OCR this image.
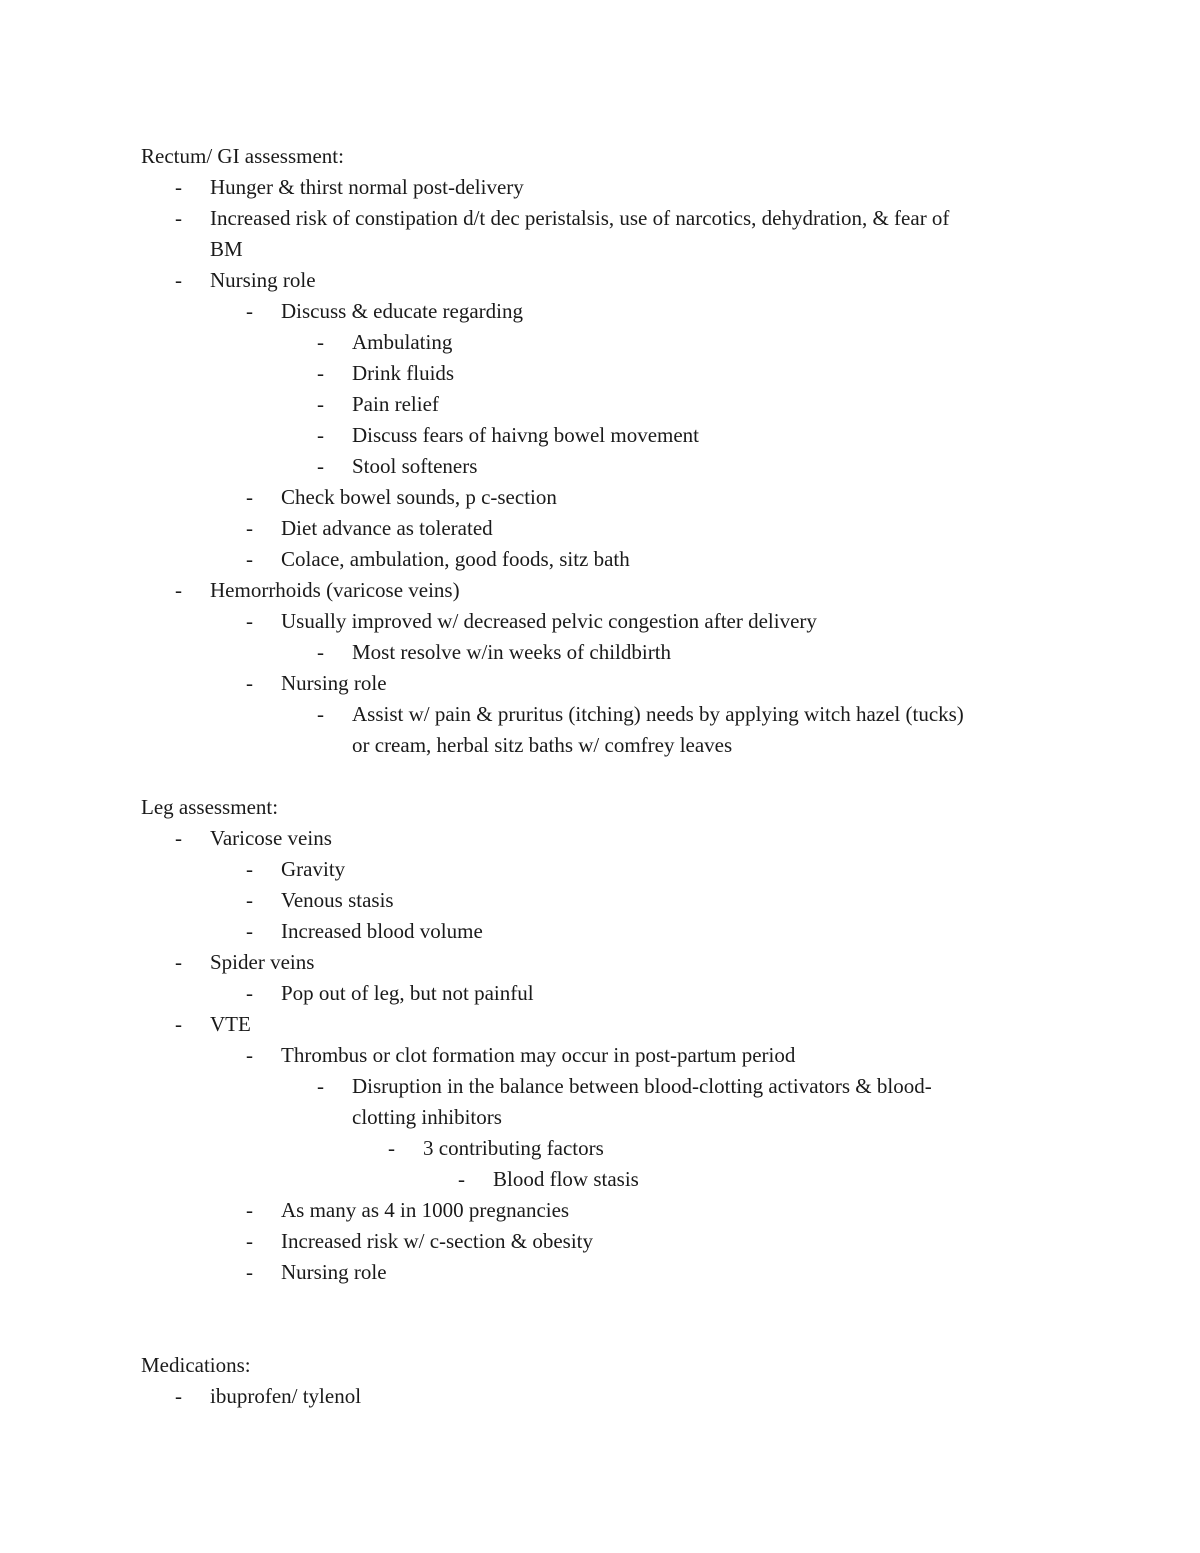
Rectum/ GI assessment:
- Hunger & thirst normal post-delivery
- Increased risk of constipation d/t dec peristalsis, use of narcotics, dehydration, & fear of
BM
- Nursing role
- Discuss & educate regarding
- Ambulating
- Drink fluids
- Pain relief
- Discuss fears of haivng bowel movement
- Stool softeners
- Check bowel sounds, p c-section
- Diet advance as tolerated
- Colace, ambulation, good foods, sitz bath
- Hemorrhoids (varicose veins)
- Usually improved w/ decreased pelvic congestion after delivery
- Most resolve w/in weeks of childbirth
- Nursing role
- Assist w/ pain & pruritus (itching) needs by applying witch hazel (tucks)
or cream, herbal sitz baths w/ comfrey leaves
Leg assessment:
- Varicose veins
- Gravity
- Venous stasis
- Increased blood volume
- Spider veins
- Pop out of leg, but not painful
- VTE
- Thrombus or clot formation may occur in post-partum period
- Disruption in the balance between blood-clotting activators & blood-
clotting inhibitors
- 3 contributing factors
- Blood flow stasis
- As many as 4 in 1000 pregnancies
- Increased risk w/ c-section & obesity
- Nursing role
Medications:
- ibuprofen/ tylenol
